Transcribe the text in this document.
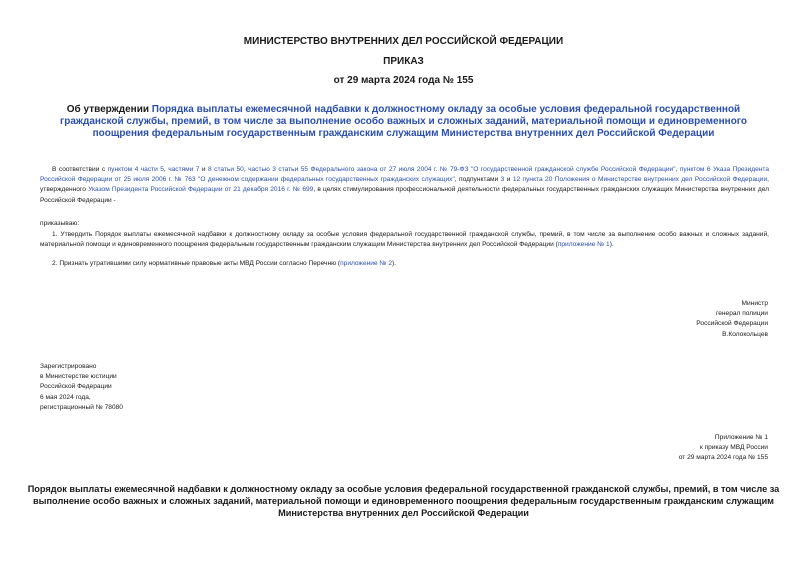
МИНИСТЕРСТВО ВНУТРЕННИХ ДЕЛ РОССИЙСКОЙ ФЕДЕРАЦИИ
ПРИКАЗ
от 29 марта 2024 года № 155
Об утверждении Порядка выплаты ежемесячной надбавки к должностному окладу за особые условия федеральной государственной гражданской службы, премий, в том числе за выполнение особо важных и сложных заданий, материальной помощи и единовременного поощрения федеральным государственным гражданским служащим Министерства внутренних дел Российской Федерации
В соответствии с пунктом 4 части 5, частями 7 и 8 статьи 50, частью 3 статьи 55 Федерального закона от 27 июля 2004 г. № 79-ФЗ "О государственной гражданской службе Российской Федерации", пунктом 6 Указа Президента Российской Федерации от 25 июля 2006 г. № 763 "О денежном содержании федеральных государственных гражданских служащих", подпунктами 3 и 12 пункта 20 Положения о Министерстве внутренних дел Российской Федерации, утвержденного Указом Президента Российской Федерации от 21 декабря 2016 г. № 699, в целях стимулирования профессиональной деятельности федеральных государственных гражданских служащих Министерства внутренних дел Российской Федерации -
приказываю:
1. Утвердить Порядок выплаты ежемесячной надбавки к должностному окладу за особые условия федеральной государственной гражданской службы, премий, в том числе за выполнение особо важных и сложных заданий, материальной помощи и единовременного поощрения федеральным государственным гражданским служащим Министерства внутренних дел Российской Федерации (приложение № 1).
2. Признать утратившими силу нормативные правовые акты МВД России согласно Перечню (приложение № 2).
Министр
генерал полиции
Российской Федерации
В.Колокольцев
Зарегистрировано
в Министерстве юстиции
Российской Федерации
6 мая 2024 года,
регистрационный № 78080
Приложение № 1
к приказу МВД России
от 29 марта 2024 года № 155
Порядок выплаты ежемесячной надбавки к должностному окладу за особые условия федеральной государственной гражданской службы, премий, в том числе за
выполнение особо важных и сложных заданий, материальной помощи и единовременного поощрения федеральным государственным гражданским служащим
Министерства внутренних дел Российской Федерации
